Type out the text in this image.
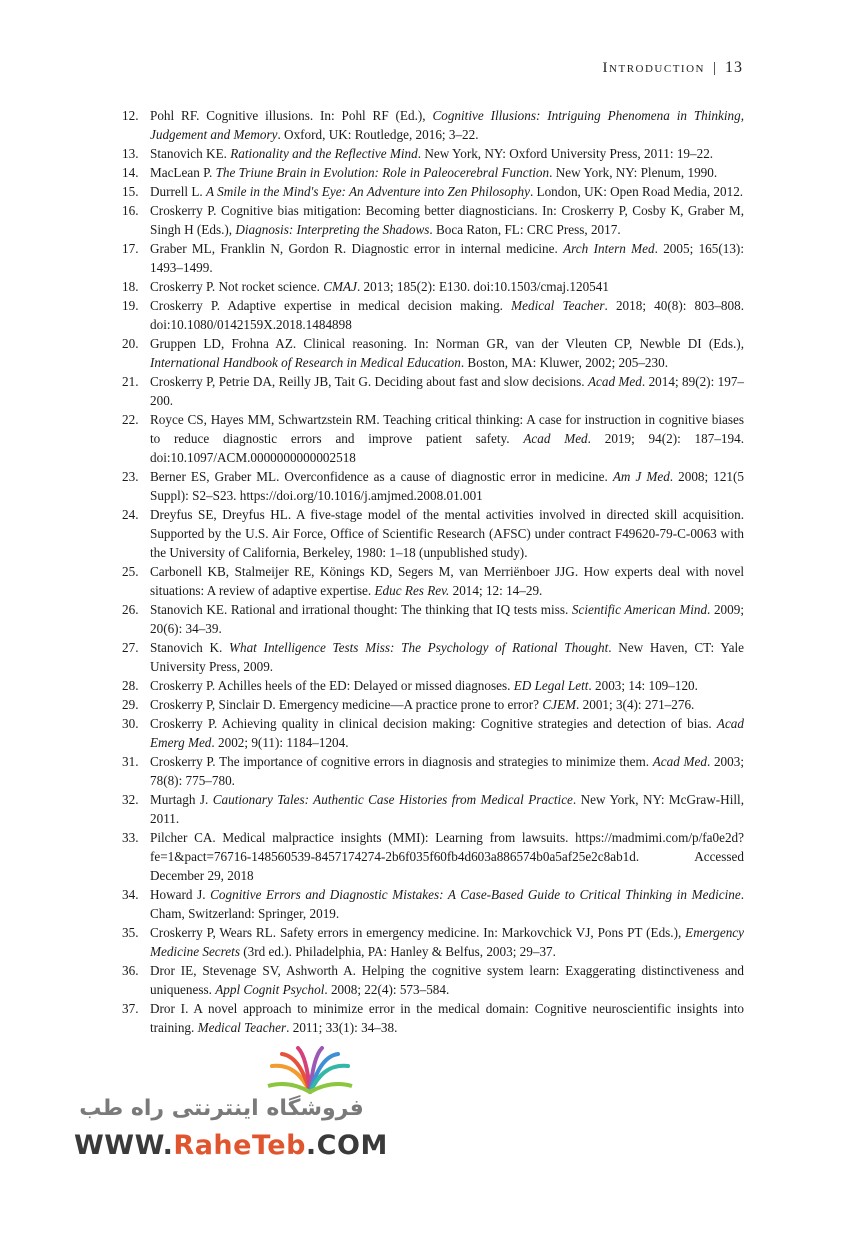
Introduction | 13
12. Pohl RF. Cognitive illusions. In: Pohl RF (Ed.), Cognitive Illusions: Intriguing Phenomena in Thinking, Judgement and Memory. Oxford, UK: Routledge, 2016; 3–22.
13. Stanovich KE. Rationality and the Reflective Mind. New York, NY: Oxford University Press, 2011: 19–22.
14. MacLean P. The Triune Brain in Evolution: Role in Paleocerebral Function. New York, NY: Plenum, 1990.
15. Durrell L. A Smile in the Mind's Eye: An Adventure into Zen Philosophy. London, UK: Open Road Media, 2012.
16. Croskerry P. Cognitive bias mitigation: Becoming better diagnosticians. In: Croskerry P, Cosby K, Graber M, Singh H (Eds.), Diagnosis: Interpreting the Shadows. Boca Raton, FL: CRC Press, 2017.
17. Graber ML, Franklin N, Gordon R. Diagnostic error in internal medicine. Arch Intern Med. 2005; 165(13): 1493–1499.
18. Croskerry P. Not rocket science. CMAJ. 2013; 185(2): E130. doi:10.1503/cmaj.120541
19. Croskerry P. Adaptive expertise in medical decision making. Medical Teacher. 2018; 40(8): 803–808. doi:10.1080/0142159X.2018.1484898
20. Gruppen LD, Frohna AZ. Clinical reasoning. In: Norman GR, van der Vleuten CP, Newble DI (Eds.), International Handbook of Research in Medical Education. Boston, MA: Kluwer, 2002; 205–230.
21. Croskerry P, Petrie DA, Reilly JB, Tait G. Deciding about fast and slow decisions. Acad Med. 2014; 89(2): 197–200.
22. Royce CS, Hayes MM, Schwartzstein RM. Teaching critical thinking: A case for instruction in cognitive biases to reduce diagnostic errors and improve patient safety. Acad Med. 2019; 94(2): 187–194. doi:10.1097/ACM.0000000000002518
23. Berner ES, Graber ML. Overconfidence as a cause of diagnostic error in medicine. Am J Med. 2008; 121(5 Suppl): S2–S23. https://doi.org/10.1016/j.amjmed.2008.01.001
24. Dreyfus SE, Dreyfus HL. A five-stage model of the mental activities involved in directed skill acquisition. Supported by the U.S. Air Force, Office of Scientific Research (AFSC) under contract F49620-79-C-0063 with the University of California, Berkeley, 1980: 1–18 (unpublished study).
25. Carbonell KB, Stalmeijer RE, Könings KD, Segers M, van Merriënboer JJG. How experts deal with novel situations: A review of adaptive expertise. Educ Res Rev. 2014; 12: 14–29.
26. Stanovich KE. Rational and irrational thought: The thinking that IQ tests miss. Scientific American Mind. 2009; 20(6): 34–39.
27. Stanovich K. What Intelligence Tests Miss: The Psychology of Rational Thought. New Haven, CT: Yale University Press, 2009.
28. Croskerry P. Achilles heels of the ED: Delayed or missed diagnoses. ED Legal Lett. 2003; 14: 109–120.
29. Croskerry P, Sinclair D. Emergency medicine—A practice prone to error? CJEM. 2001; 3(4): 271–276.
30. Croskerry P. Achieving quality in clinical decision making: Cognitive strategies and detection of bias. Acad Emerg Med. 2002; 9(11): 1184–1204.
31. Croskerry P. The importance of cognitive errors in diagnosis and strategies to minimize them. Acad Med. 2003; 78(8): 775–780.
32. Murtagh J. Cautionary Tales: Authentic Case Histories from Medical Practice. New York, NY: McGraw-Hill, 2011.
33. Pilcher CA. Medical malpractice insights (MMI): Learning from lawsuits. https://madmimi.com/p/fa0e2d?fe=1&pact=76716-148560539-8457174274-2b6f035f60fb4d603a886574b0a5af25e2c8ab1d. Accessed December 29, 2018
34. Howard J. Cognitive Errors and Diagnostic Mistakes: A Case-Based Guide to Critical Thinking in Medicine. Cham, Switzerland: Springer, 2019.
35. Croskerry P, Wears RL. Safety errors in emergency medicine. In: Markovchick VJ, Pons PT (Eds.), Emergency Medicine Secrets (3rd ed.). Philadelphia, PA: Hanley & Belfus, 2003; 29–37.
36. Dror IE, Stevenage SV, Ashworth A. Helping the cognitive system learn: Exaggerating distinctiveness and uniqueness. Appl Cognit Psychol. 2008; 22(4): 573–584.
37. Dror I. A novel approach to minimize error in the medical domain: Cognitive neuroscientific insights into training. Medical Teacher. 2011; 33(1): 34–38.
فروشگاه اینترنتی راه طب
WWW.RaheTeb.COM
